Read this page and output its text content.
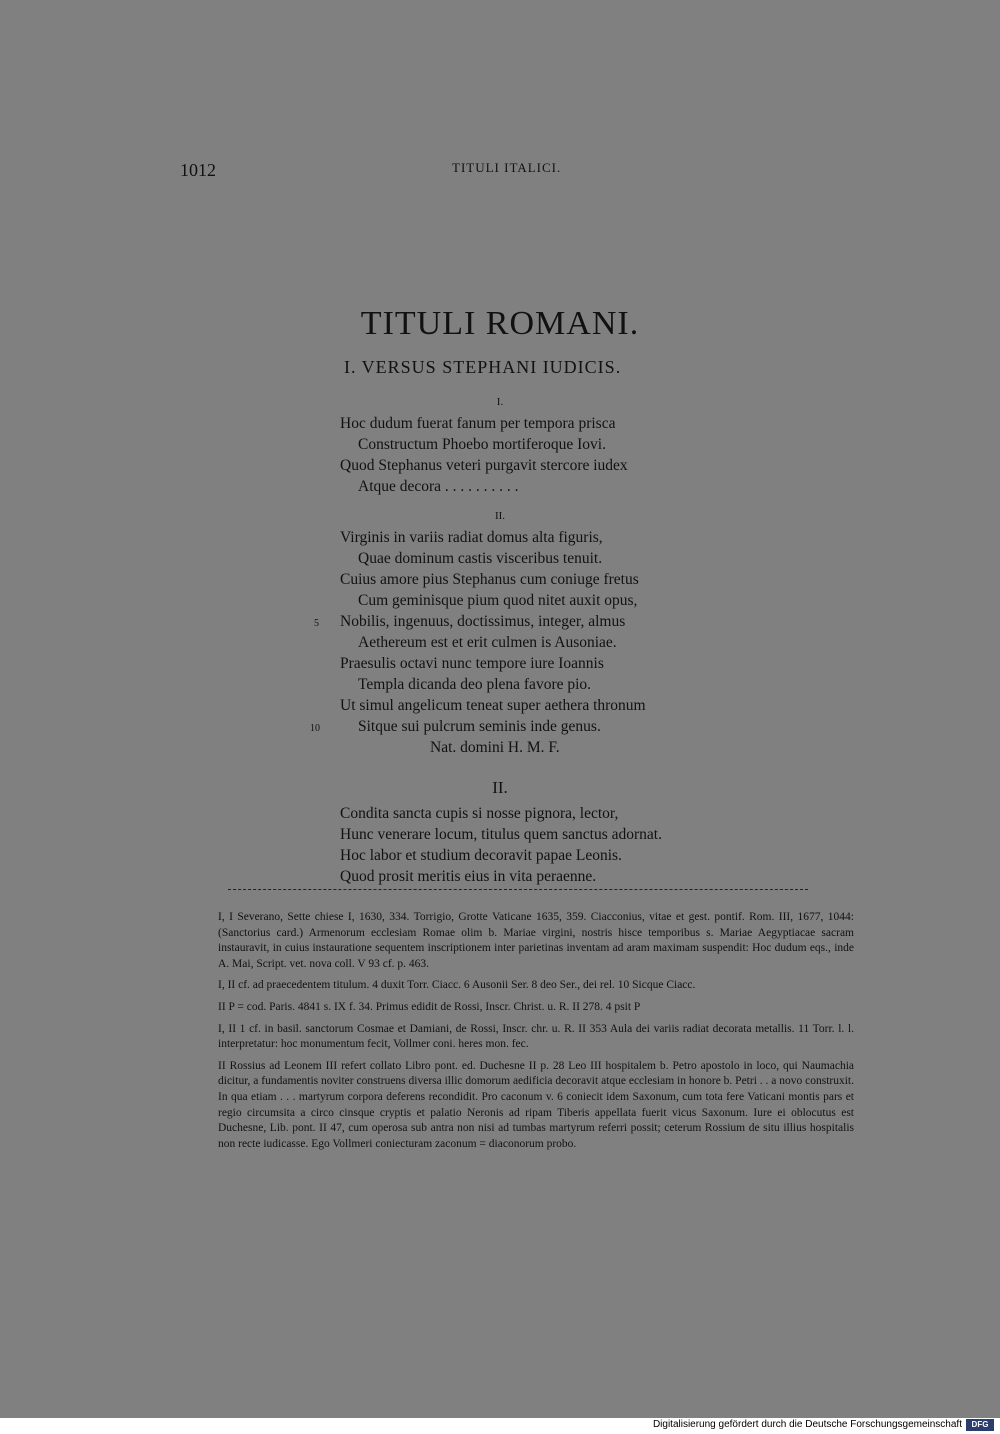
1012	TITULI ITALICI.
TITULI ROMANI.
I. VERSUS STEPHANI IUDICIS.
I.
Hoc dudum fuerat fanum per tempora prisca
Constructum Phoebo mortiferoque Iovi.
Quod Stephanus veteri purgavit stercore iudex
Atque decora . . . . . . . . . .
II.
5
10
Virginis in variis radiat domus alta figuris,
Quae dominum castis visceribus tenuit.
Cuius amore pius Stephanus cum coniuge fretus
Cum geminisque pium quod nitet auxit opus,
Nobilis, ingenuus, doctissimus, integer, almus
Aethereum est et erit culmen is Ausoniae.
Praesulis octavi nunc tempore iure Ioannis
Templa dicanda deo plena favore pio.
Ut simul angelicum teneat super aethera thronum
Sitque sui pulcrum seminis inde genus.
Nat. domini H. M. F.
II.
Condita sancta cupis si nosse pignora, lector,
Hunc venerare locum, titulus quem sanctus adornat.
Hoc labor et studium decoravit papae Leonis.
Quod prosit meritis eius in vita peraenne.

I, I Severano, Sette chiese I, 1630, 334. Torrigio, Grotte Vaticane 1635, 359. Ciacconius, vitae et gest. pontif. Rom. III, 1677, 1044: (Sanctorius card.) Armenorum ecclesiam Romae olim b. Mariae virgini, nostris hisce temporibus s. Mariae Aegyptiacae sacram instauravit, in cuius instauratione sequentem inscriptionem inter parietinas inventam ad aram maximam suspendit: Hoc dudum eqs., inde A. Mai, Script. vet. nova coll. V 93 cf. p. 463.

I, II cf. ad praecedentem titulum. 4 duxit Torr. Ciacc. 6 Ausonii Ser. 8 deo Ser., dei rel. 10 Sicque Ciacc.

II P = cod. Paris. 4841 s. IX f. 34. Primus edidit de Rossi, Inscr. Christ. u. R. II 278. 4 psit P

I, II 1 cf. in basil. sanctorum Cosmae et Damiani, de Rossi, Inscr. chr. u. R. II 353 Aula dei variis radiat decorata metallis. 11 Torr. l. l. interpretatur: hoc monumentum fecit, Vollmer coni. heres mon. fec.

II Rossius ad Leonem III refert collato Libro pont. ed. Duchesne II p. 28 Leo III hospitalem b. Petro apostolo in loco, qui Naumachia dicitur, a fundamentis noviter construens diversa illic domorum aedificia decoravit atque ecclesiam in honore b. Petri . . a novo construxit. In qua etiam . . . martyrum corpora deferens recondidit. Pro caconum v. 6 coniecit idem Saxonum, cum tota fere Vaticani montis pars et regio circumsita a circo cinsque cryptis et palatio Neronis ad ripam Tiberis appellata fuerit vicus Saxonum. Iure ei oblocutus est Duchesne, Lib. pont. II 47, cum operosa sub antra non nisi ad tumbas martyrum referri possit; ceterum Rossium de situ illius hospitalis non recte iudicasse. Ego Vollmeri coniecturam zaconum = diaconorum probo.

Digitalisierung gefördert durch die Deutsche Forschungsgemeinschaft	DFG
